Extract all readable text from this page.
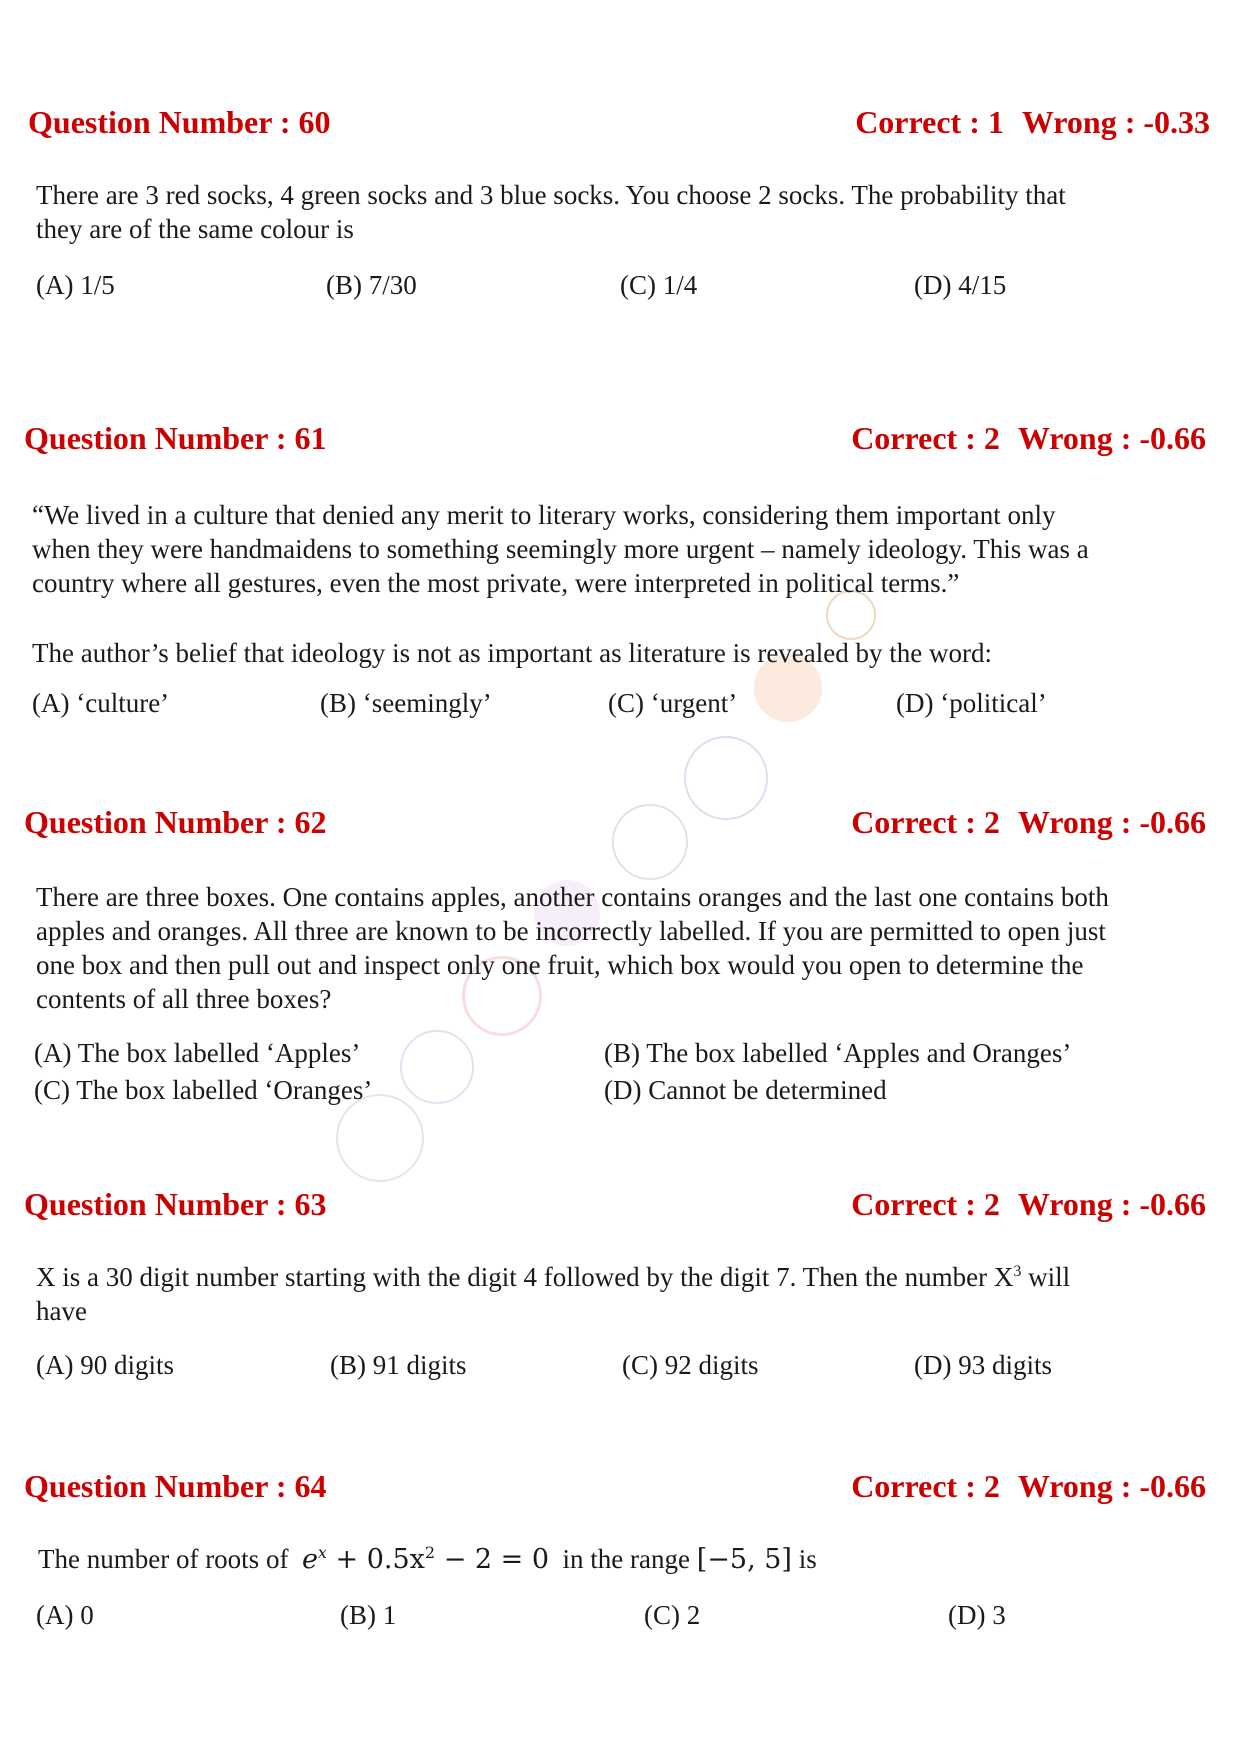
Question Number : 60	Correct : 1 Wrong : -0.33
There are 3 red socks, 4 green socks and 3 blue socks. You choose 2 socks. The probability that
they are of the same colour is
(A) 1/5	(B) 7/30	(C) 1/4	(D) 4/15
Question Number : 61	Correct : 2 Wrong : -0.66
“We lived in a culture that denied any merit to literary works, considering them important only
when they were handmaidens to something seemingly more urgent – namely ideology. This was a
country where all gestures, even the most private, were interpreted in political terms.”
The author’s belief that ideology is not as important as literature is revealed by the word:
(A) ‘culture’	(B) ‘seemingly’	(C) ‘urgent’	(D) ‘political’
Question Number : 62	Correct : 2 Wrong : -0.66
There are three boxes. One contains apples, another contains oranges and the last one contains both
apples and oranges. All three are known to be incorrectly labelled. If you are permitted to open just
one box and then pull out and inspect only one fruit, which box would you open to determine the
contents of all three boxes?
(A) The box labelled ‘Apples’	(B) The box labelled ‘Apples and Oranges’
(C) The box labelled ‘Oranges’	(D) Cannot be determined
Question Number : 63	Correct : 2 Wrong : -0.66
X is a 30 digit number starting with the digit 4 followed by the digit 7. Then the number $X^3$ will
have
(A) 90 digits	(B) 91 digits	(C) 92 digits	(D) 93 digits
Question Number : 64	Correct : 2 Wrong : -0.66
The number of roots of $e^x + 0.5x^2 - 2 = 0$ in the range [−5, 5] is
(A) 0	(B) 1	(C) 2	(D) 3
